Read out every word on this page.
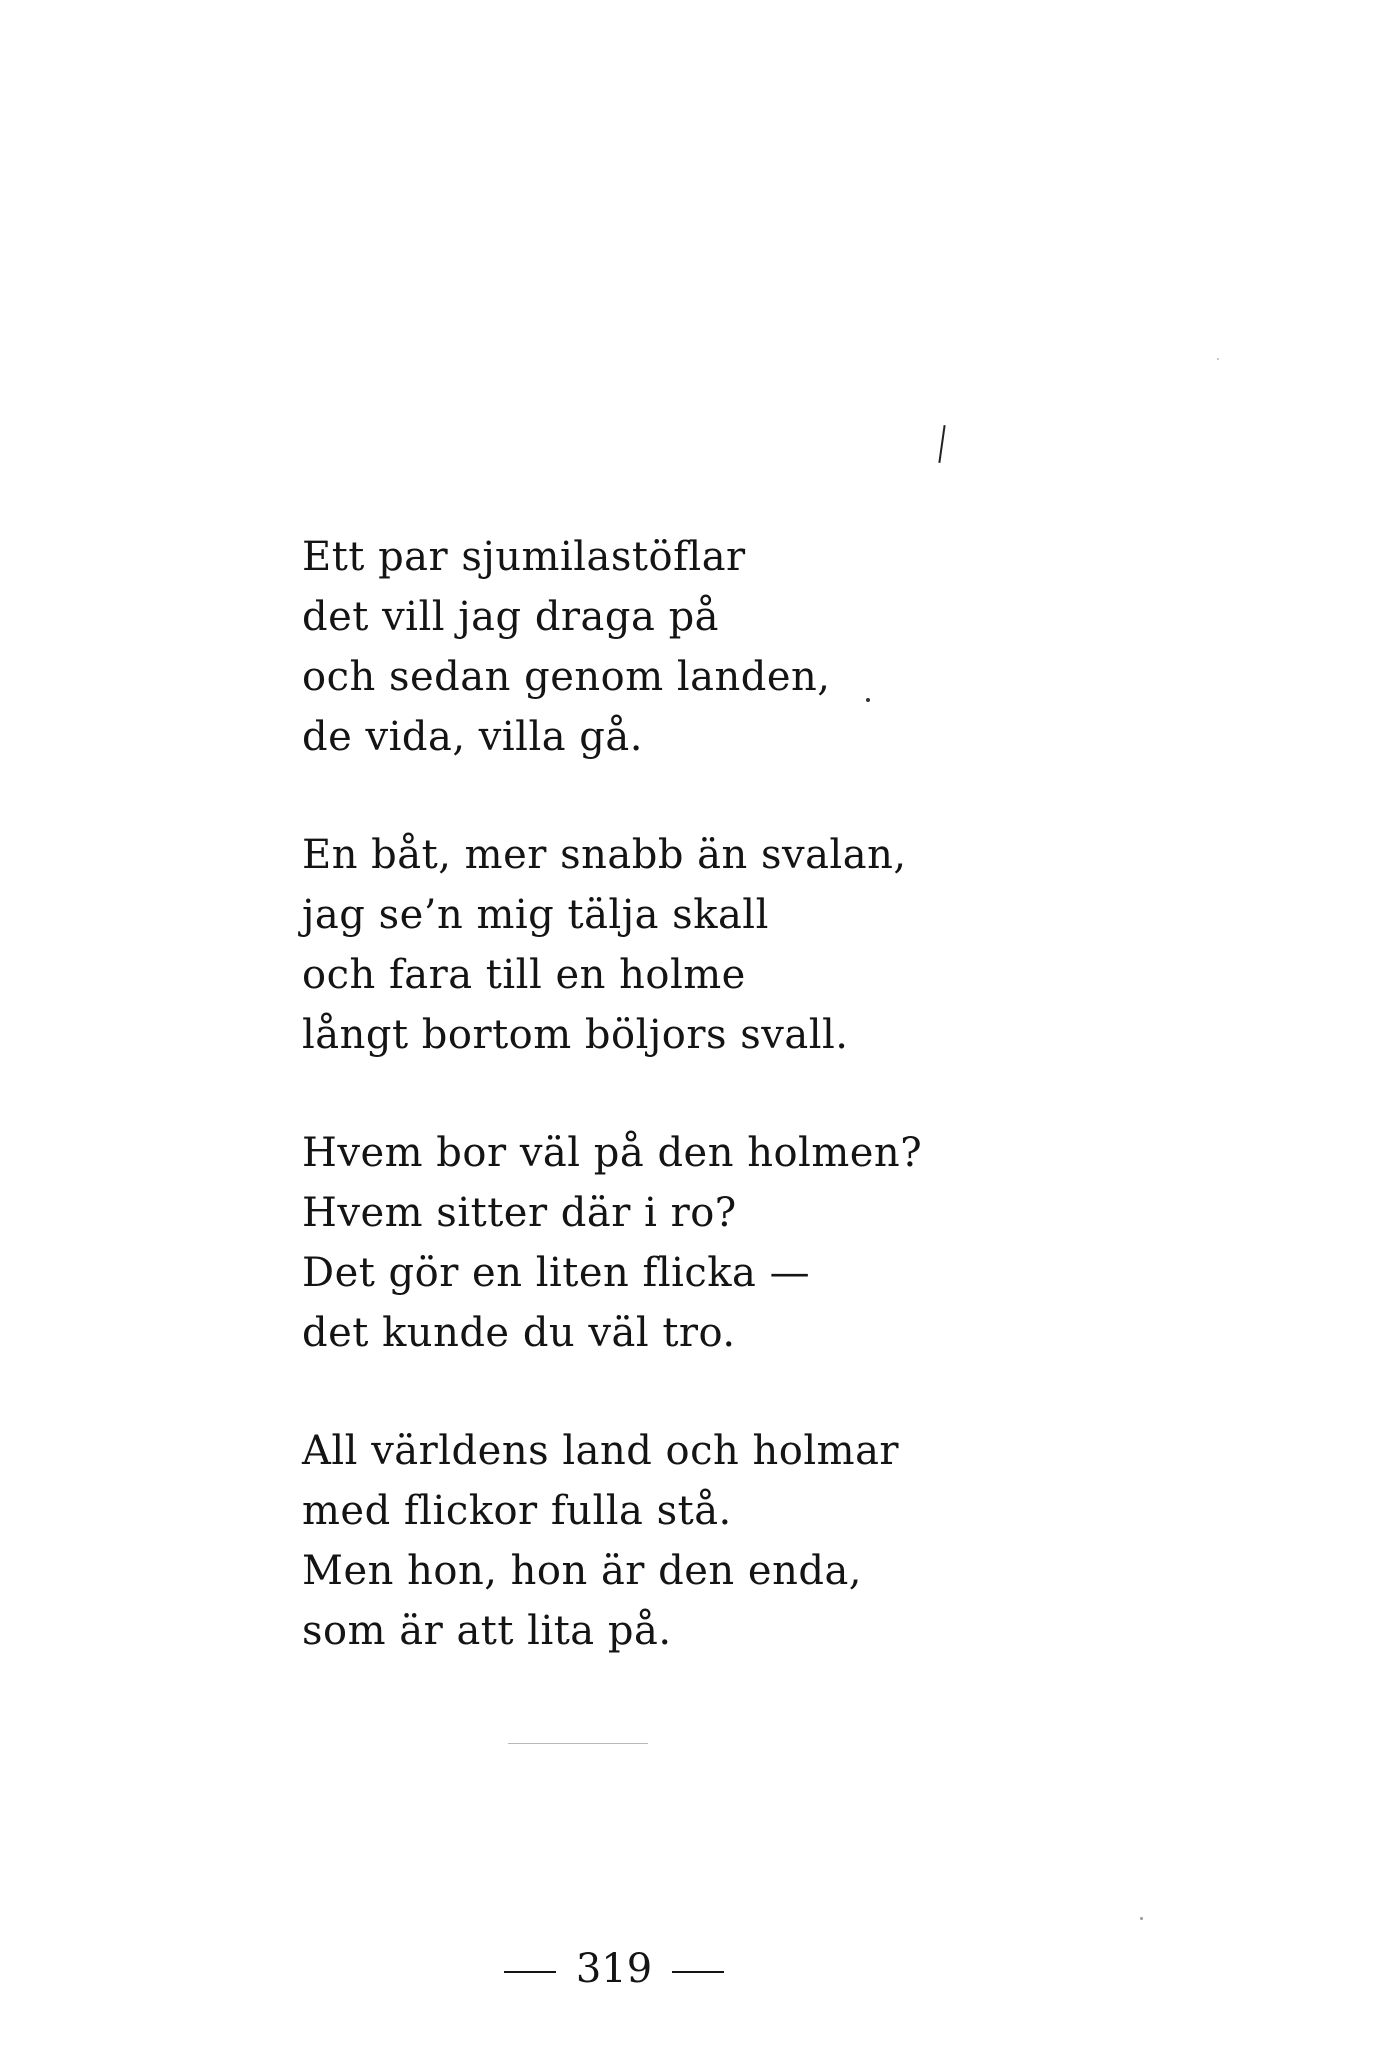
Ett par sjumilastöflar
det vill jag draga på
och sedan genom landen,
de vida, villa gå.
En båt, mer snabb än svalan,
jag se’n mig tälja skall
och fara till en holme
långt bortom böljors svall.
Hvem bor väl på den holmen?
Hvem sitter där i ro?
Det gör en liten flicka —
det kunde du väl tro.
All världens land och holmar
med flickor fulla stå.
Men hon, hon är den enda,
som är att lita på.
319
